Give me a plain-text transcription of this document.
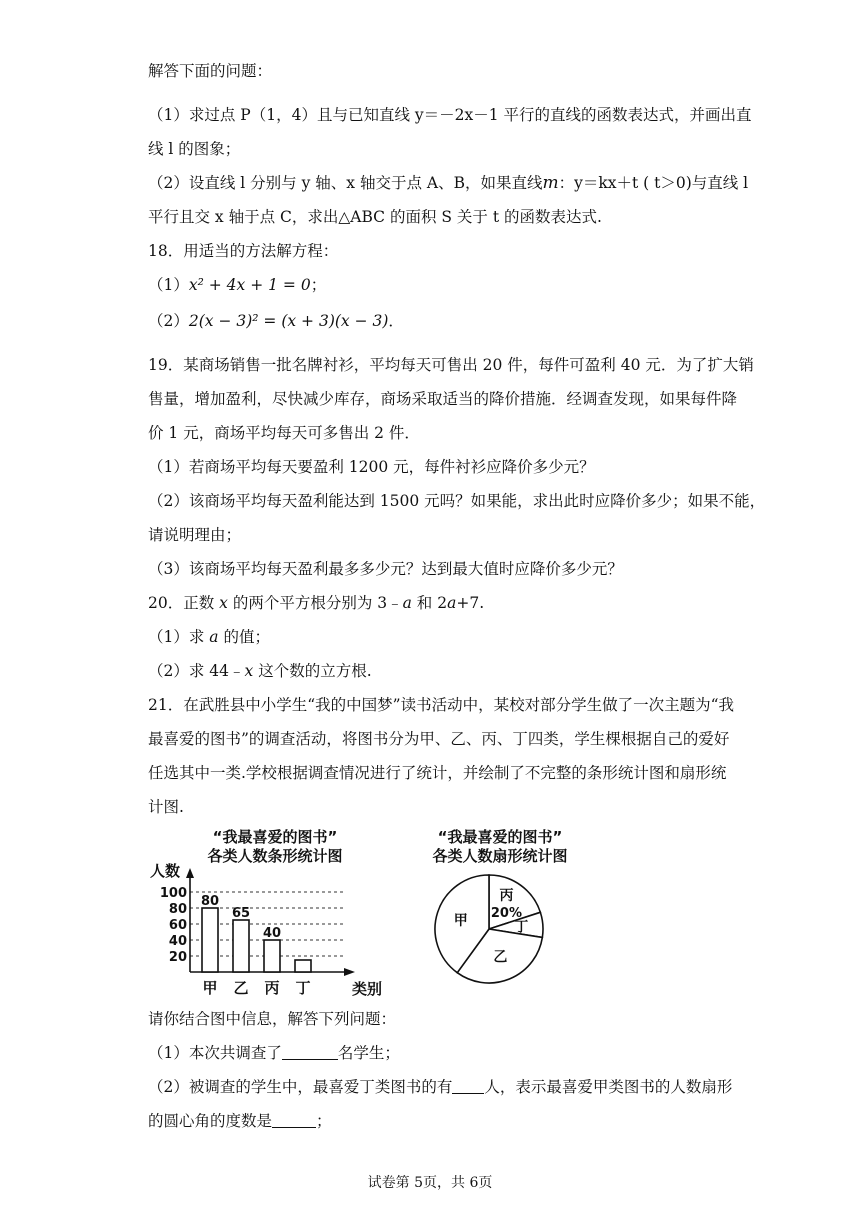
解答下面的问题：
（1）求过点 P（1，4）且与已知直线 y＝－2x－1 平行的直线的函数表达式，并画出直
线 l 的图象；
（2）设直线 l 分别与 y 轴、x 轴交于点 A、B，如果直线m：y＝kx＋t ( t＞0)与直线 l
平行且交 x 轴于点 C，求出△ABC 的面积 S 关于 t 的函数表达式.
18．用适当的方法解方程：
（1）x² + 4x + 1 = 0；
（2）2(x − 3)² = (x + 3)(x − 3)．
19．某商场销售一批名牌衬衫，平均每天可售出 20 件，每件可盈利 40 元．为了扩大销
售量，增加盈利，尽快减少库存，商场采取适当的降价措施．经调查发现，如果每件降
价 1 元，商场平均每天可多售出 2 件．
（1）若商场平均每天要盈利 1200 元，每件衬衫应降价多少元？
（2）该商场平均每天盈利能达到 1500 元吗？如果能，求出此时应降价多少；如果不能，
请说明理由；
（3）该商场平均每天盈利最多多少元？达到最大值时应降价多少元？
20．正数 x 的两个平方根分别为 3﹣a 和 2a+7.
（1）求 a 的值；
（2）求 44﹣x 这个数的立方根.
21．在武胜县中小学生“我的中国梦”读书活动中，某校对部分学生做了一次主题为“我
最喜爱的图书”的调查活动，将图书分为甲、乙、丙、丁四类，学生棵根据自己的爱好
任选其中一类.学校根据调查情况进行了统计，并绘制了不完整的条形统计图和扇形统
计图.
“我最喜爱的图书”
各类人数条形统计图
20
40
60
80
100
人数
类别
80
甲
65
乙
40
丙 丁
“我最喜爱的图书”
各类人数扇形统计图
丙
20%
丁
乙
甲
请你结合图中信息，解答下列问题：
（1）本次共调查了	名学生；
（2）被调查的学生中，最喜爱丁类图书的有 人，表示最喜爱甲类图书的人数扇形
的圆心角的度数是	；
试卷第 5页，共 6页
